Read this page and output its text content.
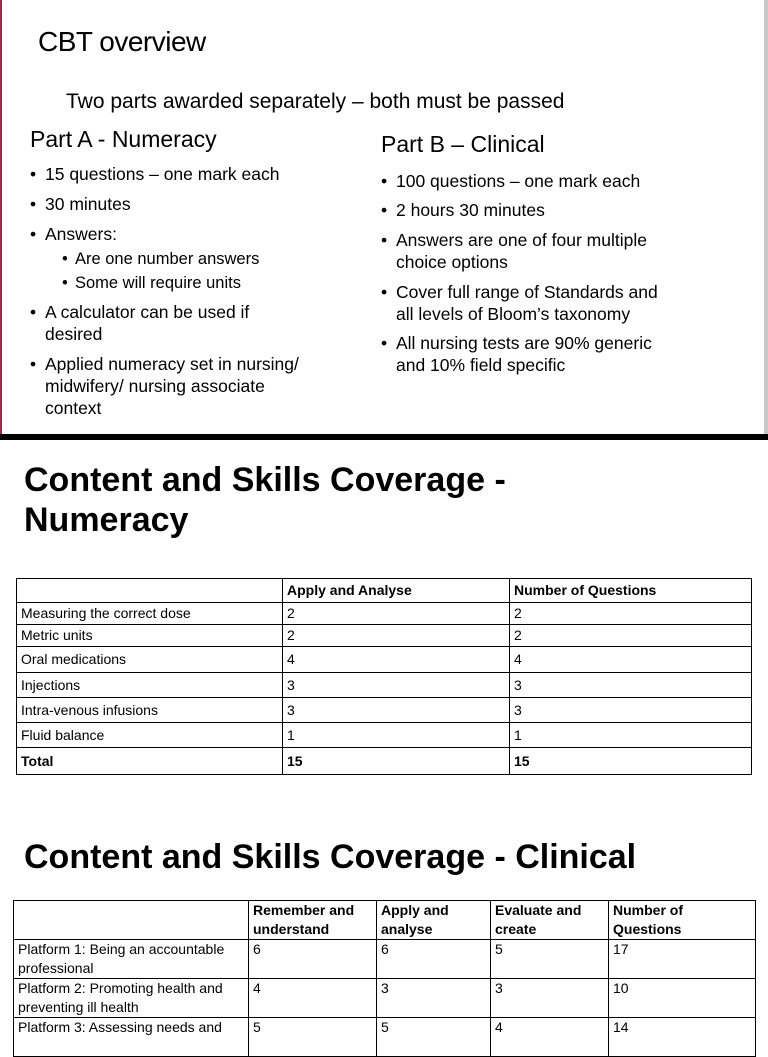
CBT overview
Two parts awarded separately – both must be passed
Part A - Numeracy	Part B – Clinical
• 15 questions – one mark each
• 30 minutes
• Answers:
• Are one number answers
• Some will require units
• A calculator can be used if
desired
• Applied numeracy set in nursing/
midwifery/ nursing associate
context
• 100 questions – one mark each
• 2 hours 30 minutes
• Answers are one of four multiple
choice options
• Cover full range of Standards and
all levels of Bloom’s taxonomy
• All nursing tests are 90% generic
and 10% field specific
Content and Skills Coverage -
Numeracy
	Apply and Analyse	Number of Questions
Measuring the correct dose	2	2
Metric units	2	2
Oral medications	4	4
Injections	3	3
Intra-venous infusions	3	3
Fluid balance	1	1
Total	15	15
Content and Skills Coverage - Clinical
	Remember and understand	Apply and analyse	Evaluate and create	Number of Questions
Platform 1: Being an accountable professional	6	6	5	17
Platform 2: Promoting health and preventing ill health	4	3	3	10
Platform 3: Assessing needs and	5	5	4	14
